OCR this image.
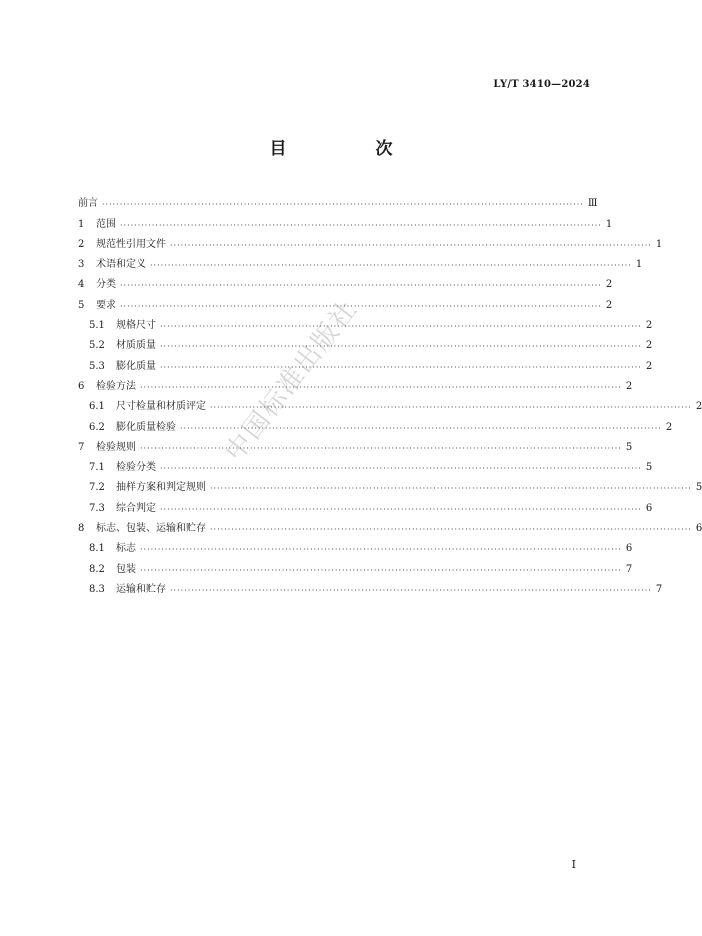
LY/T 3410—2024
目　次
前言 ········································································································································ Ⅲ
1	范围 ········································································································································ 1
2	规范性引用文件 ········································································································································ 1
3	术语和定义 ········································································································································ 1
4	分类 ········································································································································ 2
5	要求 ········································································································································ 2
5.1	规格尺寸 ········································································································································ 2
5.2	材质质量 ········································································································································ 2
5.3	膨化质量 ········································································································································ 2
6	检验方法 ········································································································································ 2
6.1	尺寸检量和材质评定 ········································································································································ 2
6.2	膨化质量检验 ········································································································································ 2
7	检验规则 ········································································································································ 5
7.1	检验分类 ········································································································································ 5
7.2	抽样方案和判定规则 ········································································································································ 5
7.3	综合判定 ········································································································································ 6
8	标志、包装、运输和贮存 ········································································································································ 6
8.1	标志 ········································································································································ 6
8.2	包装 ········································································································································ 7
8.3	运输和贮存 ········································································································································ 7
中国标准出版社
Ⅰ
